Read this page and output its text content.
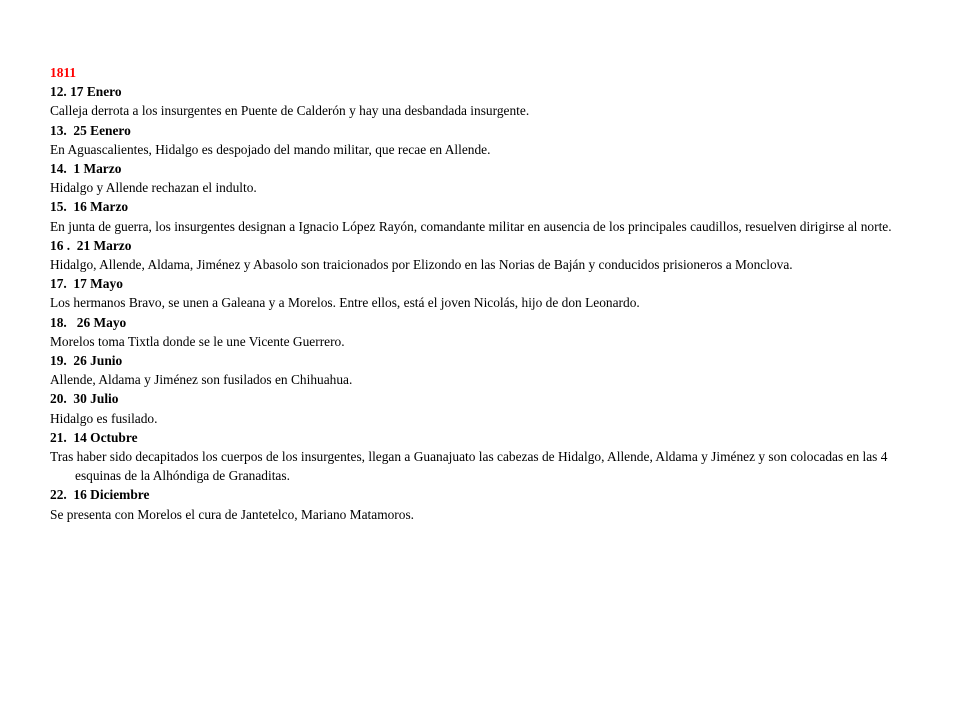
1811
12. 17 Enero
Calleja derrota a los insurgentes en Puente de Calderón y hay una desbandada insurgente.
13.  25 Eenero
En Aguascalientes, Hidalgo es despojado del mando militar, que recae en Allende.
14.  1 Marzo
Hidalgo y Allende rechazan el indulto.
15.  16 Marzo
En junta de guerra, los insurgentes designan a Ignacio López Rayón, comandante militar en ausencia de los principales caudillos, resuelven dirigirse al norte.
16 .  21 Marzo
Hidalgo, Allende, Aldama, Jiménez y Abasolo son traicionados por Elizondo en las Norias de Baján y conducidos prisioneros a Monclova.
17.  17 Mayo
Los hermanos Bravo, se unen a Galeana y a Morelos. Entre ellos, está el joven Nicolás, hijo de don Leonardo.
18.   26 Mayo
Morelos toma Tixtla donde se le une Vicente Guerrero.
19.  26 Junio
Allende, Aldama y Jiménez son fusilados en Chihuahua.
20.  30 Julio
Hidalgo es fusilado.
21.  14 Octubre
Tras haber sido decapitados los cuerpos de los insurgentes, llegan a Guanajuato las cabezas de Hidalgo, Allende, Aldama y Jiménez y son colocadas en las 4 esquinas de la Alhóndiga de Granaditas.
22.  16 Diciembre
Se presenta con Morelos el cura de Jantetelco, Mariano Matamoros.
